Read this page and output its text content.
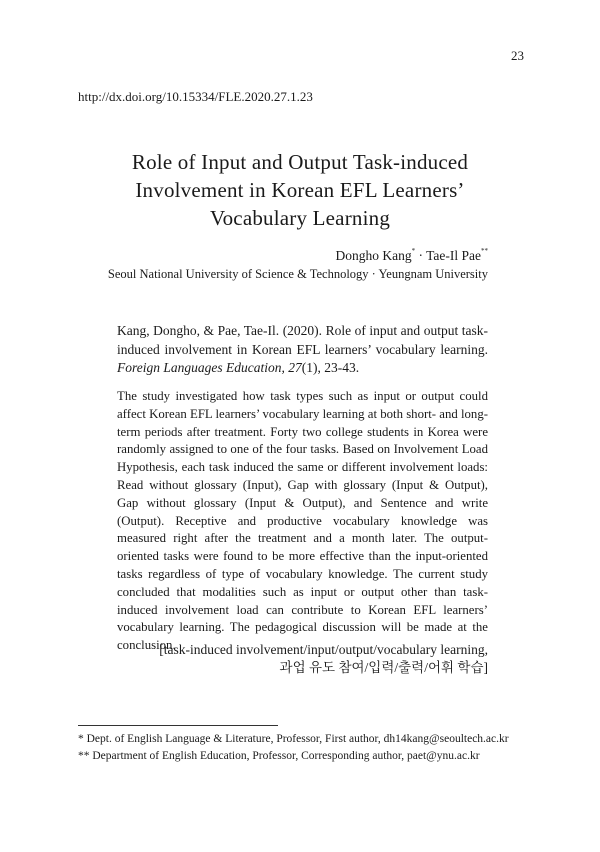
23
http://dx.doi.org/10.15334/FLE.2020.27.1.23
Role of Input and Output Task-induced
Involvement in Korean EFL Learners’
Vocabulary Learning
Dongho Kang* · Tae-Il Pae**
Seoul National University of Science & Technology · Yeungnam University
Kang, Dongho, & Pae, Tae-Il. (2020). Role of input and output task-induced involvement in Korean EFL learners’ vocabulary learning. Foreign Languages Education, 27(1), 23-43.
The study investigated how task types such as input or output could affect Korean EFL learners’ vocabulary learning at both short- and long-term periods after treatment. Forty two college students in Korea were randomly assigned to one of the four tasks. Based on Involvement Load Hypothesis, each task induced the same or different involvement loads: Read without glossary (Input), Gap with glossary (Input & Output), Gap without glossary (Input & Output), and Sentence and write (Output). Receptive and productive vocabulary knowledge was measured right after the treatment and a month later. The output-oriented tasks were found to be more effective than the input-oriented tasks regardless of type of vocabulary knowledge. The current study concluded that modalities such as input or output other than task-induced involvement load can contribute to Korean EFL learners’ vocabulary learning. The pedagogical discussion will be made at the conclusion.
[task-induced involvement/input/output/vocabulary learning,
과업 유도 참여/입력/출력/어휘 학습]
* Dept. of English Language & Literature, Professor, First author, dh14kang@seoultech.ac.kr
** Department of English Education, Professor, Corresponding author, paet@ynu.ac.kr
